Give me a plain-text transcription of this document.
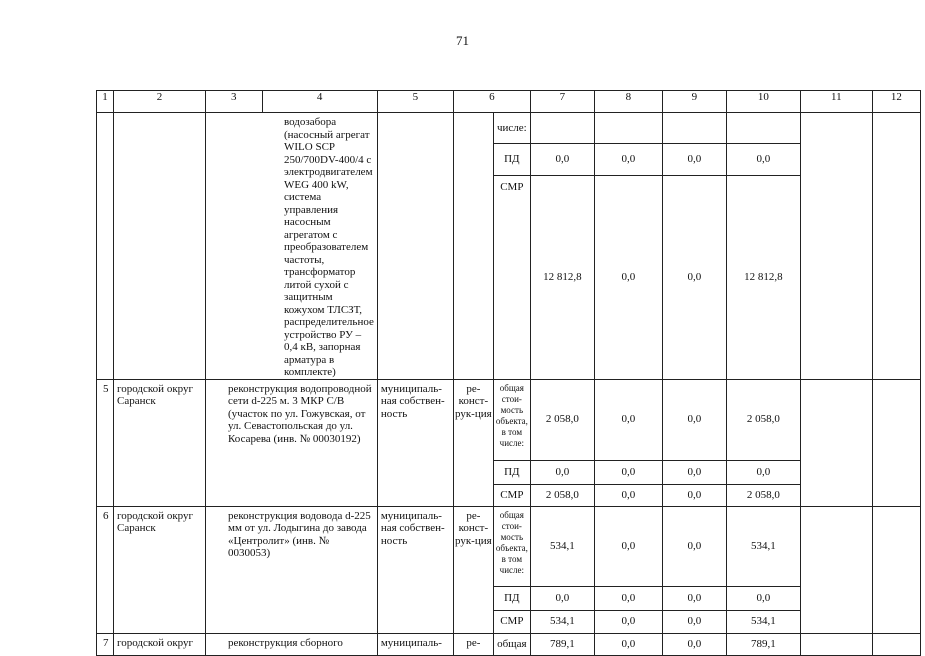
71
1	2	3	4	5	6		7	8	9	10	11	12
		водозабора (насосный агрегат WILO SCP 250/700DV-400/4 с электродвигателем WEG 400 kW, система управления насосным агрегатом с преобразователем частоты, трансформатор литой сухой с защитным кожухом ТЛСЗТ, распределительное устройство РУ – 0,4 кВ, запорная арматура в комплекте)				числе:						
						ПД	0,0	0,0	0,0	0,0		
						СМР	12 812,8	0,0	0,0	12 812,8		
5	городской округ Саранск	реконструкция водопроводной сети d-225 м. 3 МКР С/В (участок по ул. Гожувская, от ул. Севастопольская до ул. Косарева (инв. № 00030192)		муниципаль-ная собствен-ность	ре-конст-рук-ция	общая стои-мость объекта, в том числе:	2 058,0	0,0	0,0	2 058,0		
						ПД	0,0	0,0	0,0	0,0		
						СМР	2 058,0	0,0	0,0	2 058,0		
6	городской округ Саранск	реконструкция водовода d-225 мм от ул. Лодыгина до завода «Центролит» (инв. № 0030053)		муниципаль-ная собствен-ность	ре-конст-рук-ция	общая стои-мость объекта, в том числе:	534,1	0,0	0,0	534,1		
						ПД	0,0	0,0	0,0	0,0		
						СМР	534,1	0,0	0,0	534,1		
7	городской округ	реконструкция сборного		муниципаль-	ре-	общая	789,1	0,0	0,0	789,1		
